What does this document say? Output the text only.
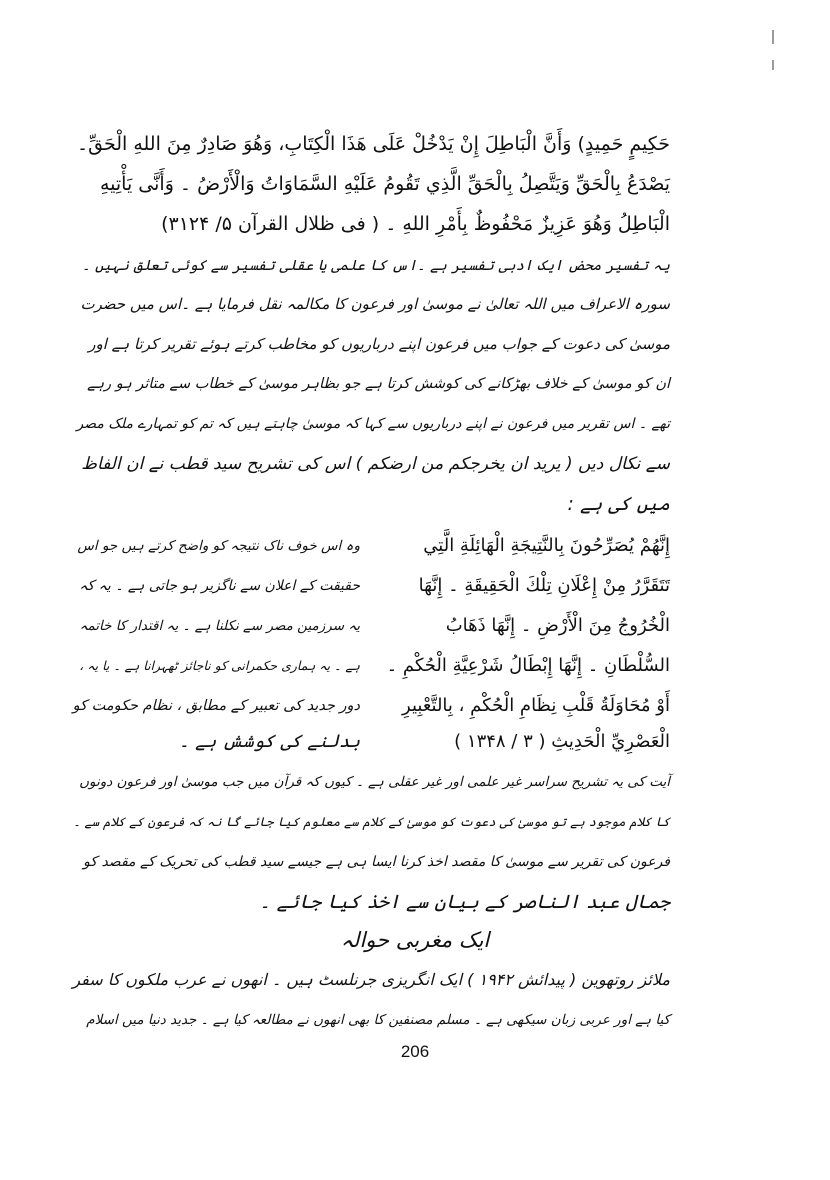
حَكِيمٍ حَمِيدٍ) وَأَنَّ الْبَاطِلَ إِنْ يَدْخُلْ عَلَى هَذَا الْكِتَابِ، وَهُوَ صَادِرٌ مِنَ اللهِ الْحَقِّ۔
يَصْدَعُ بِالْحَقِّ وَيَتَّصِلُ بِالْحَقِّ الَّذِي تَقُومُ عَلَيْهِ السَّمَاوَاتُ وَالْأَرْضُ ۔ وَأَنَّى يَأْتِيهِ
الْبَاطِلُ وَهُوَ عَزِيزٌ مَحْفُوظٌ بِأَمْرِ اللهِ ۔ ( فی ظلال القرآن ۵/ ۳۱۲۴)
یہ تفسیر محض ایک ادبی تفسیر ہے ۔اس کا علمی یا عقلی تفسیر سے کوئی تعلق نہیں ۔
سورہ الاعراف میں اللہ تعالیٰ نے موسیٰ اور فرعون کا مکالمہ نقل فرمایا ہے ۔اس میں حضرت
موسیٰ کی دعوت کے جواب میں فرعون اپنے درباریوں کو مخاطب کرتے ہوئے تقریر کرتا ہے اور
ان کو موسیٰ کے خلاف بھڑکانے کی کوشش کرتا ہے جو بظاہر موسیٰ کے خطاب سے متاثر ہو رہے
تھے ۔ اس تقریر میں فرعون نے اپنے درباریوں سے کہا کہ موسیٰ چاہتے ہیں کہ تم کو تمہارے ملک مصر
سے نکال دیں ( یرید ان یخرجکم من ارضکم ) اس کی تشریح سید قطب نے ان الفاظ
میں کی ہے :
إِنَّهُمْ يُصَرِّحُونَ بِالنَّتِيجَةِ الْهَائِلَةِ الَّتِي
تَتَقَرَّرُ مِنْ إِعْلَانِ تِلْكَ الْحَقِيقَةِ ۔ إِنَّهَا
الْخُرُوجُ مِنَ الْأَرْضِ ۔ إِنَّهَا ذَهَابُ
السُّلْطَانِ ۔ إِنَّهَا إِبْطَالُ شَرْعِيَّةِ الْحُكْمِ ۔
أَوْ مُحَاوَلَةُ قَلْبِ نِظَامِ الْحُكْمِ ، بِالتَّعْبِيرِ
الْعَصْرِيِّ الْحَدِيثِ ( ۳ / ۱۳۴۸ )
وہ اس خوف ناک نتیجہ کو واضح کرتے ہیں جو اس
حقیقت کے اعلان سے ناگزیر ہو جاتی ہے ۔ یہ کہ
یہ سرزمین مصر سے نکلنا ہے ۔ یہ اقتدار کا خاتمہ
ہے ۔ یہ ہماری حکمرانی کو ناجائز ٹھہرانا ہے ۔ یا یہ ،
دور جدید کی تعبیر کے مطابق ، نظام حکومت کو
بدلنے کی کوشش ہے ۔
آیت کی یہ تشریح سراسر غیر علمی اور غیر عقلی ہے ۔ کیوں کہ قرآن میں جب موسیٰ اور فرعون دونوں
کا کلام موجود ہے تو موسیٰ کی دعوت کو موسیٰ کے کلام سے معلوم کیا جائے گا نہ کہ فرعون کے کلام سے ۔
فرعون کی تقریر سے موسیٰ کا مقصد اخذ کرنا ایسا ہی ہے جیسے سید قطب کی تحریک کے مقصد کو
جمال عبد الناصر کے بیان سے اخذ کیا جائے ۔
ایک مغربی حوالہ
ملائز روتھوین ( پیدائش ۱۹۴۲ ) ایک انگریزی جرنلسٹ ہیں ۔ انھوں نے عرب ملکوں کا سفر
کیا ہے اور عربی زبان سیکھی ہے ۔ مسلم مصنفین کا بھی انھوں نے مطالعہ کیا ہے ۔ جدید دنیا میں اسلام
206
